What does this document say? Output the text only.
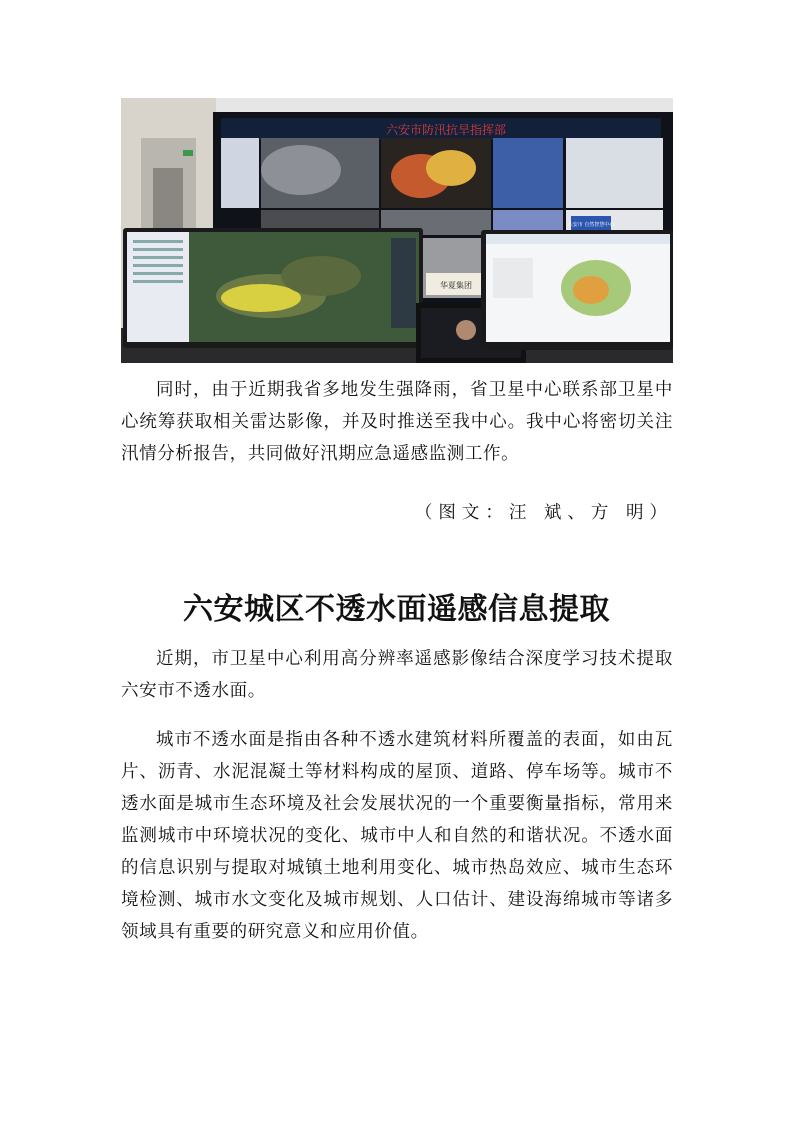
六安市防汛抗旱指挥部
六安市 自然智慧中心
华夏集团

同时，由于近期我省多地发生强降雨，省卫星中心联系部卫星中心统筹获取相关雷达影像，并及时推送至我中心。我中心将密切关注汛情分析报告，共同做好汛期应急遥感监测工作。

（图文：汪 斌、方 明）

六安城区不透水面遥感信息提取

近期，市卫星中心利用高分辨率遥感影像结合深度学习技术提取六安市不透水面。

城市不透水面是指由各种不透水建筑材料所覆盖的表面，如由瓦片、沥青、水泥混凝土等材料构成的屋顶、道路、停车场等。城市不透水面是城市生态环境及社会发展状况的一个重要衡量指标，常用来监测城市中环境状况的变化、城市中人和自然的和谐状况。不透水面的信息识别与提取对城镇土地利用变化、城市热岛效应、城市生态环境检测、城市水文变化及城市规划、人口估计、建设海绵城市等诸多领域具有重要的研究意义和应用价值。
